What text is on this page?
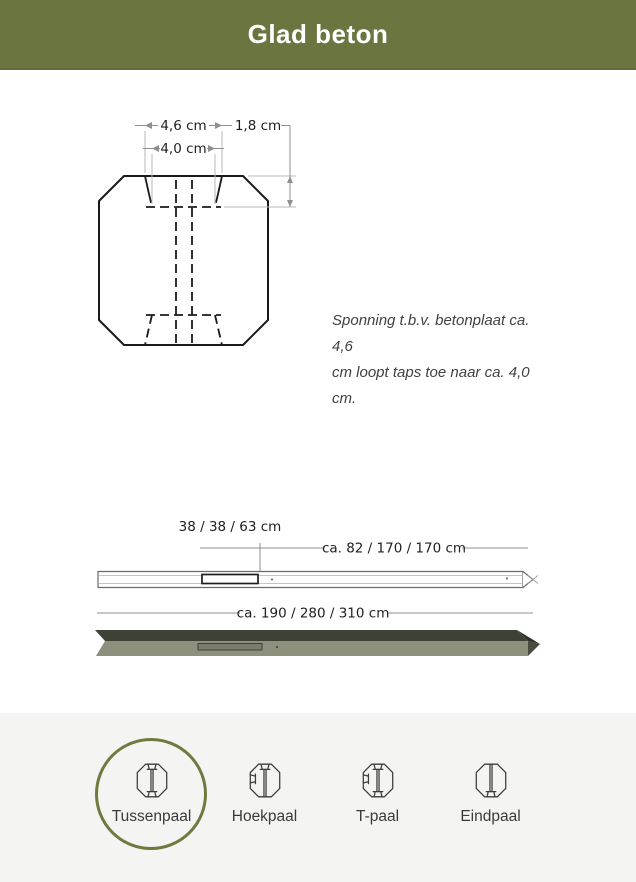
Glad beton
4,6 cm
4,0 cm
1,8 cm
Sponning t.b.v. betonplaat ca. 4,6
cm loopt taps toe naar ca. 4,0 cm.
38 / 38 / 63 cm
ca. 82 / 170 / 170 cm
ca. 190 / 280 / 310 cm
Tussenpaal	Hoekpaal	T-paal	Eindpaal
